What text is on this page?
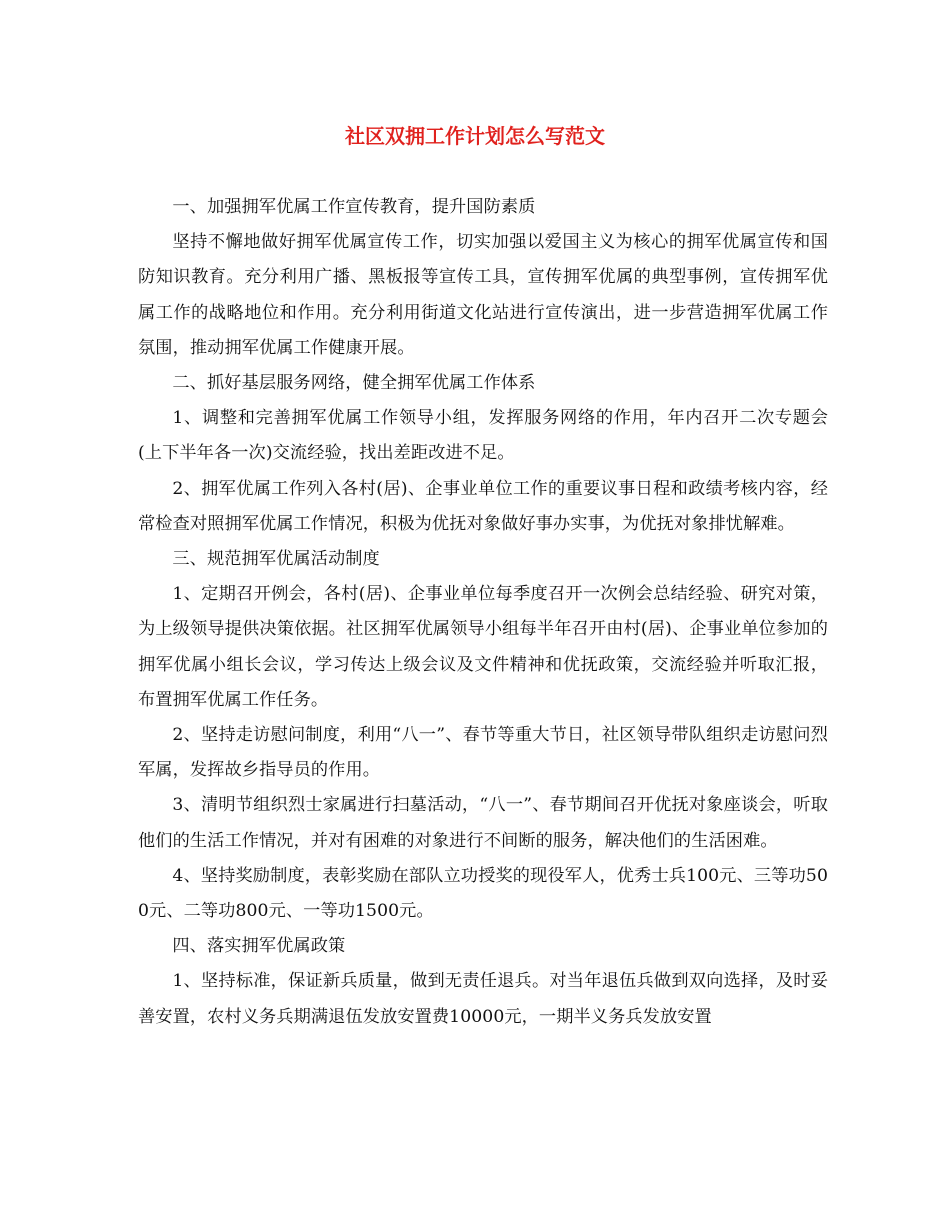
社区双拥工作计划怎么写范文

一、加强拥军优属工作宣传教育，提升国防素质

坚持不懈地做好拥军优属宣传工作，切实加强以爱国主义为核心的拥军优属宣传和国防知识教育。充分利用广播、黑板报等宣传工具，宣传拥军优属的典型事例，宣传拥军优属工作的战略地位和作用。充分利用街道文化站进行宣传演出，进一步营造拥军优属工作氛围，推动拥军优属工作健康开展。

二、抓好基层服务网络，健全拥军优属工作体系

1、调整和完善拥军优属工作领导小组，发挥服务网络的作用，年内召开二次专题会(上下半年各一次)交流经验，找出差距改进不足。

2、拥军优属工作列入各村(居)、企事业单位工作的重要议事日程和政绩考核内容，经常检查对照拥军优属工作情况，积极为优抚对象做好事办实事，为优抚对象排忧解难。

三、规范拥军优属活动制度

1、定期召开例会，各村(居)、企事业单位每季度召开一次例会总结经验、研究对策，为上级领导提供决策依据。社区拥军优属领导小组每半年召开由村(居)、企事业单位参加的拥军优属小组长会议，学习传达上级会议及文件精神和优抚政策，交流经验并听取汇报，布置拥军优属工作任务。

2、坚持走访慰问制度，利用“八一”、春节等重大节日，社区领导带队组织走访慰问烈军属，发挥故乡指导员的作用。

3、清明节组织烈士家属进行扫墓活动，“八一”、春节期间召开优抚对象座谈会，听取他们的生活工作情况，并对有困难的对象进行不间断的服务，解决他们的生活困难。

4、坚持奖励制度，表彰奖励在部队立功授奖的现役军人，优秀士兵100元、三等功500元、二等功800元、一等功1500元。

四、落实拥军优属政策

1、坚持标准，保证新兵质量，做到无责任退兵。对当年退伍兵做到双向选择，及时妥善安置，农村义务兵期满退伍发放安置费10000元，一期半义务兵发放安置
